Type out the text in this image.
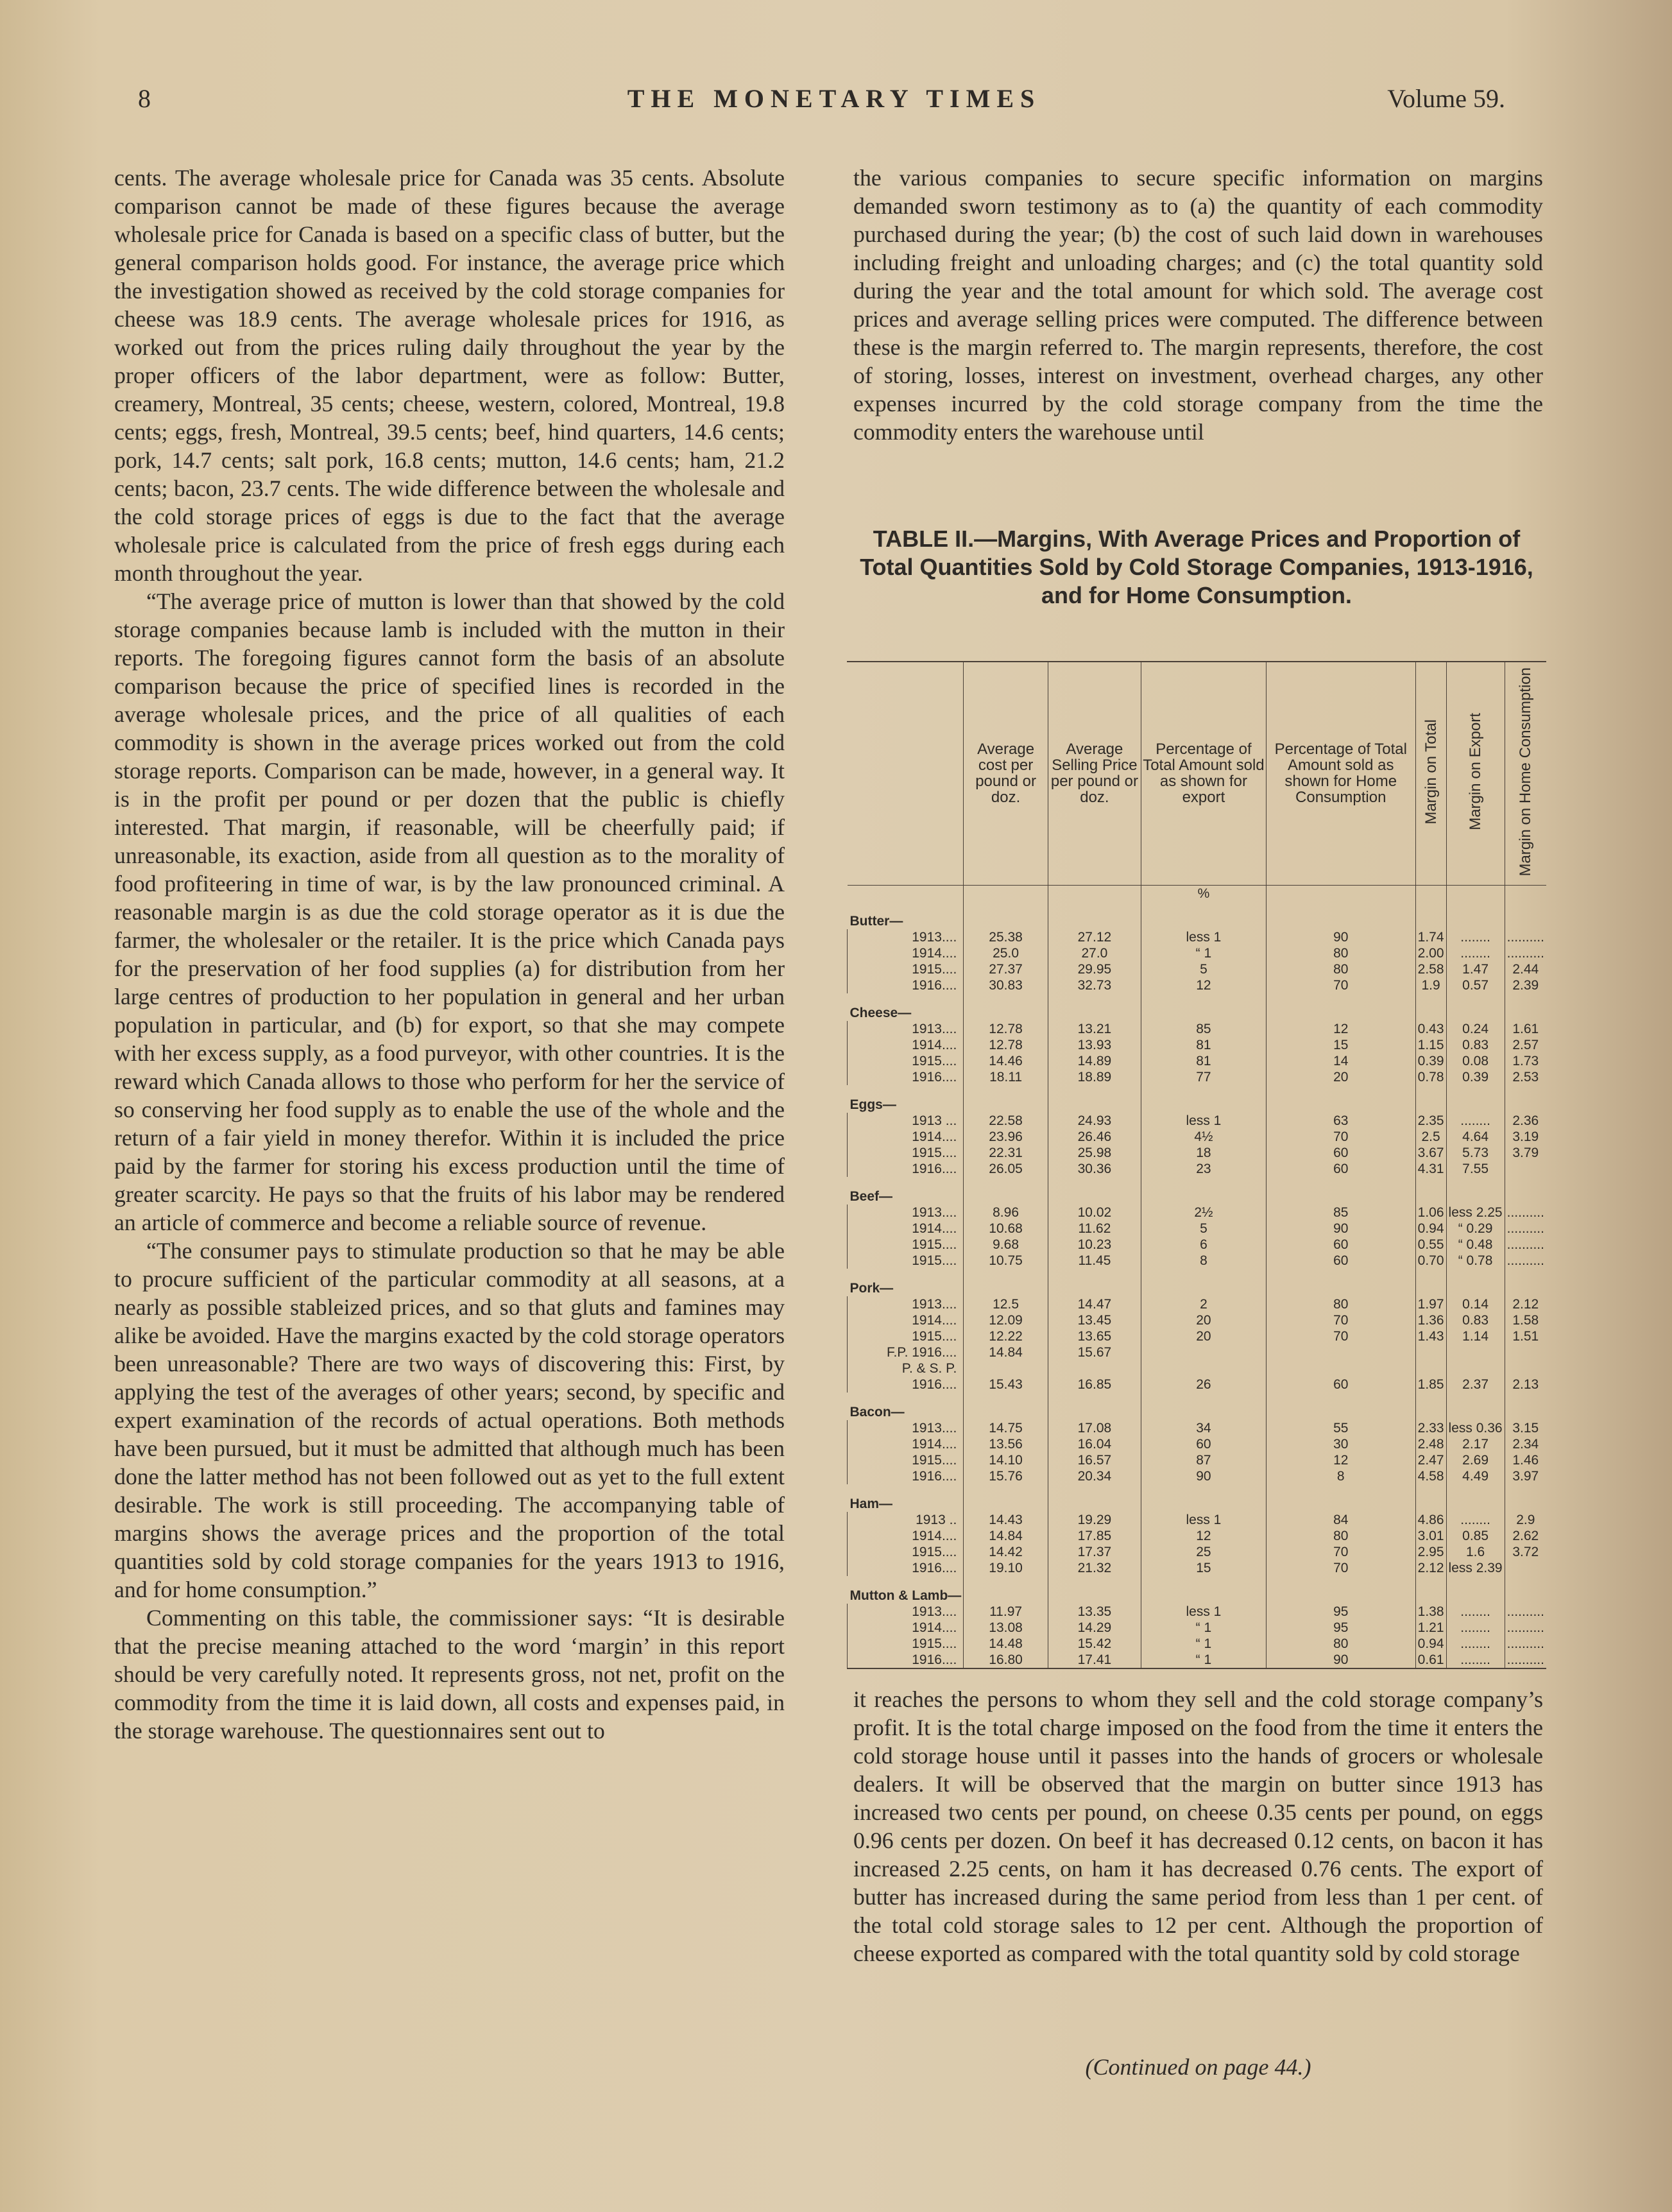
8	THE MONETARY TIMES	Volume 59.

cents. The average wholesale price for Canada was 35 cents. Absolute comparison cannot be made of these figures because the average wholesale price for Canada is based on a specific class of butter, but the general comparison holds good. For instance, the average price which the investigation showed as received by the cold storage companies for cheese was 18.9 cents. The average wholesale prices for 1916, as worked out from the prices ruling daily throughout the year by the proper officers of the labor department, were as follow: Butter, creamery, Montreal, 35 cents; cheese, western, colored, Montreal, 19.8 cents; eggs, fresh, Montreal, 39.5 cents; beef, hind quarters, 14.6 cents; pork, 14.7 cents; salt pork, 16.8 cents; mutton, 14.6 cents; ham, 21.2 cents; bacon, 23.7 cents. The wide difference between the wholesale and the cold storage prices of eggs is due to the fact that the average wholesale price is calculated from the price of fresh eggs during each month throughout the year.

“The average price of mutton is lower than that showed by the cold storage companies because lamb is included with the mutton in their reports. The foregoing figures cannot form the basis of an absolute comparison because the price of specified lines is recorded in the average wholesale prices, and the price of all qualities of each commodity is shown in the average prices worked out from the cold storage reports. Comparison can be made, however, in a general way. It is in the profit per pound or per dozen that the public is chiefly interested. That margin, if reasonable, will be cheerfully paid; if unreasonable, its exaction, aside from all question as to the morality of food profiteering in time of war, is by the law pronounced criminal. A reasonable margin is as due the cold storage operator as it is due the farmer, the wholesaler or the retailer. It is the price which Canada pays for the preservation of her food supplies (a) for distribution from her large centres of production to her population in general and her urban population in particular, and (b) for export, so that she may compete with her excess supply, as a food purveyor, with other countries. It is the reward which Canada allows to those who perform for her the service of so conserving her food supply as to enable the use of the whole and the return of a fair yield in money therefor. Within it is included the price paid by the farmer for storing his excess production until the time of greater scarcity. He pays so that the fruits of his labor may be rendered an article of commerce and become a reliable source of revenue.

“The consumer pays to stimulate production so that he may be able to procure sufficient of the particular commodity at all seasons, at a nearly as possible stableized prices, and so that gluts and famines may alike be avoided. Have the margins exacted by the cold storage operators been unreasonable? There are two ways of discovering this: First, by applying the test of the averages of other years; second, by specific and expert examination of the records of actual operations. Both methods have been pursued, but it must be admitted that although much has been done the latter method has not been followed out as yet to the full extent desirable. The work is still proceeding. The accompanying table of margins shows the average prices and the proportion of the total quantities sold by cold storage companies for the years 1913 to 1916, and for home consumption.”

Commenting on this table, the commissioner says: “It is desirable that the precise meaning attached to the word ‘margin’ in this report should be very carefully noted. It represents gross, not net, profit on the commodity from the time it is laid down, all costs and expenses paid, in the storage warehouse. The questionnaires sent out to

the various companies to secure specific information on margins demanded sworn testimony as to (a) the quantity of each commodity purchased during the year; (b) the cost of such laid down in warehouses including freight and unloading charges; and (c) the total quantity sold during the year and the total amount for which sold. The average cost prices and average selling prices were computed. The difference between these is the margin referred to. The margin represents, therefore, the cost of storing, losses, interest on investment, overhead charges, any other expenses incurred by the cold storage company from the time the commodity enters the warehouse until

TABLE II.—Margins, With Average Prices and Proportion of Total Quantities Sold by Cold Storage Companies, 1913-1916, and for Home Consumption.
	Average cost per pound or doz.	Average Selling Price per pound or doz.	Percentage of Total Amount sold as shown for export	Percentage of Total Amount sold as shown for Home Consumption	Margin on Total	Margin on Export	Margin on Home Consumption
			%				
Butter—							
1913....	25.38	27.12	less 1	90	1.74	........	..........
1914....	25.0	27.0	“ 1	80	2.00	........	..........
1915....	27.37	29.95	5	80	2.58	1.47	2.44
1916....	30.83	32.73	12	70	1.9	0.57	2.39
Cheese—							
1913....	12.78	13.21	85	12	0.43	0.24	1.61
1914....	12.78	13.93	81	15	1.15	0.83	2.57
1915....	14.46	14.89	81	14	0.39	0.08	1.73
1916....	18.11	18.89	77	20	0.78	0.39	2.53
Eggs—							
1913 ...	22.58	24.93	less 1	63	2.35	........	2.36
1914....	23.96	26.46	4½	70	2.5	4.64	3.19
1915....	22.31	25.98	18	60	3.67	5.73	3.79
1916....	26.05	30.36	23	60	4.31	7.55	
Beef—							
1913....	8.96	10.02	2½	85	1.06	less 2.25	..........
1914....	10.68	11.62	5	90	0.94	“ 0.29	..........
1915....	9.68	10.23	6	60	0.55	“ 0.48	..........
1915....	10.75	11.45	8	60	0.70	“ 0.78	..........
Pork—							
1913....	12.5	14.47	2	80	1.97	0.14	2.12
1914....	12.09	13.45	20	70	1.36	0.83	1.58
1915....	12.22	13.65	20	70	1.43	1.14	1.51
F.P. 1916....	14.84	15.67					
P. & S. P.							
1916....	15.43	16.85	26	60	1.85	2.37	2.13
Bacon—							
1913....	14.75	17.08	34	55	2.33	less 0.36	3.15
1914....	13.56	16.04	60	30	2.48	2.17	2.34
1915....	14.10	16.57	87	12	2.47	2.69	1.46
1916....	15.76	20.34	90	8	4.58	4.49	3.97
Ham—							
1913 ..	14.43	19.29	less 1	84	4.86	........	2.9
1914....	14.84	17.85	12	80	3.01	0.85	2.62
1915....	14.42	17.37	25	70	2.95	1.6	3.72
1916....	19.10	21.32	15	70	2.12	less 2.39	
Mutton & Lamb—							
1913....	11.97	13.35	less 1	95	1.38	........	..........
1914....	13.08	14.29	“ 1	95	1.21	........	..........
1915....	14.48	15.42	“ 1	80	0.94	........	..........
1916....	16.80	17.41	“ 1	90	0.61	........	..........

it reaches the persons to whom they sell and the cold storage company’s profit. It is the total charge imposed on the food from the time it enters the cold storage house until it passes into the hands of grocers or wholesale dealers. It will be observed that the margin on butter since 1913 has increased two cents per pound, on cheese 0.35 cents per pound, on eggs 0.96 cents per dozen. On beef it has decreased 0.12 cents, on bacon it has increased 2.25 cents, on ham it has decreased 0.76 cents. The export of butter has increased during the same period from less than 1 per cent. of the total cold storage sales to 12 per cent. Although the proportion of cheese exported as compared with the total quantity sold by cold storage

(Continued on page 44.)
